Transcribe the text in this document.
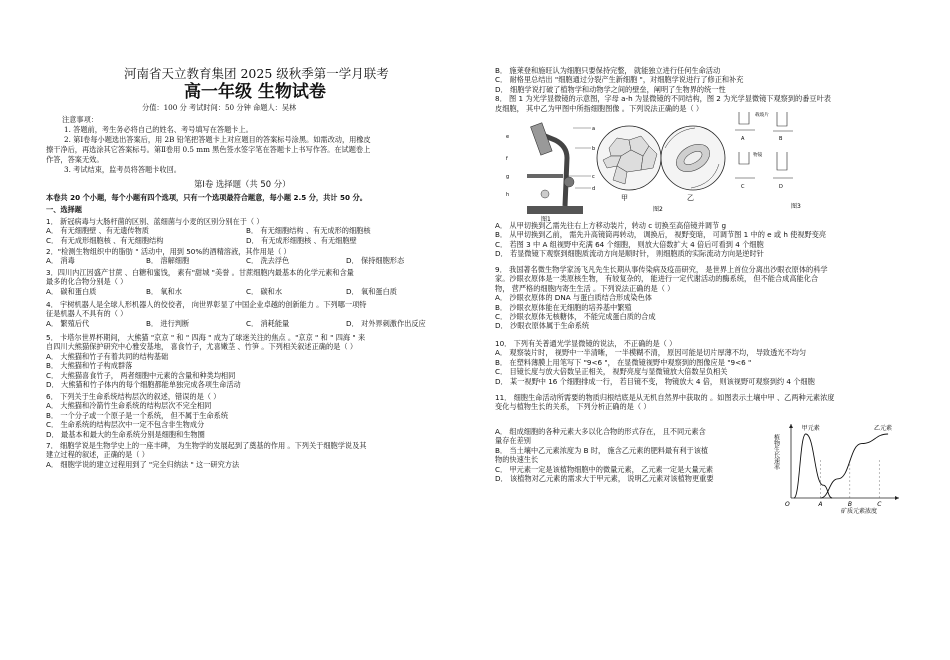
河南省天立教育集团 2025 级秋季第一学月联考
高一年级 生物试卷
分值：100 分 考试时间：50 分钟 命题人：吴林
注意事项：
1. 答题前，考生务必将自己的姓名、考号填写在答题卡上。
2. 第Ⅰ卷每小题选出答案后，用 2B 铅笔把答题卡上对应题目的答案标号涂黑。如需改动，用橡皮
擦干净后，再选涂其它答案标号。第Ⅱ卷用 0.5 mm 黑色签水签字笔在答题卡上书写作答。在试题卷上
作答，答案无效。
3. 考试结束，监考员将答题卡收回。
第Ⅰ卷 选择题（共 50 分）
本卷共 20 个小题，每个小题有四个选项，只有一个选项最符合题意，每小题 2.5 分，共计 50 分。
一、选择题
1． 新冠病毒与大肠杆菌的区别、蓝细菌与小麦的区别分别在于（ ）
A． 有无细胞壁 、有无遗传物质	B． 有无细胞结构 、有无成形的细胞核
C． 有无成形细胞核 、有无细胞结构	D． 有无成形细胞核 、有无细胞壁
2．"检测生物组织中的脂肪 " 活动中，用到 50%的酒精溶液，其作用是（ ）
A． 消毒	B． 溶解细胞	C． 洗去浮色	D． 保持细胞形态
3．四川内江因盛产甘蔗 、白糖和蜜饯， 素有"甜城 "美誉 。甘蔗细胞内最基本的化学元素和含量
最多的化合物分别是（ ）
A． 碳和蛋白质	B． 氧和水	C． 碳和水	D． 氧和蛋白质
4． 宇树机器人是全球人形机器人的佼佼者， 向世界彰显了中国企业卓越的创新能力 。下列哪一项特
征是机器人不具有的（ ）
A． 繁殖后代	B． 进行判断	C． 消耗能量	D． 对外界刺激作出反应
5． 卡塔尔世界杯期间， 大熊猫 "京京 " 和 " 四海 " 成为了球迷关注的焦点 。"京京 " 和 " 四海 " 来
自四川大熊猫保护研究中心雅安基地， 喜食竹子，尤喜嫩茎 、竹笋 。下列相关叙述正确的是（ ）
A． 大熊猫和竹子有着共同的结构基础
B． 大熊猫和竹子构成群落
C． 大熊猫喜食竹子， 两者细胞中元素的含量和种类均相同
D． 大熊猫和竹子体内的每个细胞都能单独完成各项生命活动
6． 下列关于生命系统结构层次的叙述，错误的是（ ）
A． 大熊猫和冷箭竹生命系统的结构层次不完全相同
B． 一个分子或一个原子是一个系统， 但不属于生命系统
C． 生命系统的结构层次中一定不包含非生物成分
D． 最基本和最大的生命系统分别是细胞和生物圈
7． 细胞学说是生物学史上的一座丰碑， 为生物学的发展起到了奠基的作用 。下列关于细胞学说及其
建立过程的叙述，正确的是（ ）
A． 细胞学说的建立过程用到了 "完全归纳法 " 这一研究方法
B． 施莱登和施旺认为细胞只要保持完整， 就能独立进行任何生命活动
C． 耐格里总结出 "细胞通过分裂产生新细胞 "，对细胞学说进行了修正和补充
D． 细胞学说打破了植物学和动物学之间的壁垒，阐明了生物界的统一性
8． 图 1 为光学显微镜的示意图，字母 a-h 为显微镜的不同结构，图 2 为光学显微镜下观察到的番豆叶表
皮细胞， 其中乙为甲图中所指细胞图像 。下列说法正确的是（ ）
a
b
c
d
e
f
g
h
图1
甲	乙
图2
A	B
C	D
载玻片
物镜
图3
A． 从甲切换到乙需先往右上方移动装片，转动 c 切换至高倍镜并调节 g
B． 从甲切换到乙前， 需先升高镜筒再转动， 调换后， 视野变暗， 可调节图 1 中的 e 或 h 使视野变亮
C． 若图 3 中 A 组视野中充满 64 个细胞， 则放大倍数扩大 4 倍后可看到 4 个细胞
D． 若显微镜下观察到细胞质流动方向是顺时针， 则细胞质的实际流动方向是逆时针
9． 我国著名微生物学家汤飞凡先生长期从事传染病及疫苗研究， 是世界上首位分离出沙眼衣原体的科学
家。沙眼衣原体是一类原核生物， 有较复杂的， 能进行一定代谢活动的酶系统， 但不能合成高能化合
物， 营严格的细胞内寄生生活 。下列说法正确的是（ ）
A． 沙眼衣原体的 DNA 与蛋白质结合形成染色体
B． 沙眼衣原体能在无细胞的培养基中繁殖
C． 沙眼衣原体无核糖体， 不能完成蛋白质的合成
D． 沙眼衣原体属于生命系统
10． 下列有关普通光学显微镜的说法， 不正确的是（ ）
A． 观察装片时， 视野中一半清晰， 一半模糊不清， 原因可能是切片厚薄不均， 导致透光不均匀
B． 在塑料薄膜上用笔写下 "9<6 "， 在显微镜视野中观察到的图像应是 "9<6 "
C． 目镜长度与放大倍数呈正相关， 视野亮度与显微镜放大倍数呈负相关
D． 某一视野中 16 个细胞排成一行， 若目镜不变， 物镜放大 4 倍， 则该视野可观察到约 4 个细胞
11． 细胞生命活动所需要的物质归根结底是从无机自然界中获取的 。如图表示土壤中甲 、乙两种元素浓度
变化与植物生长的关系， 下列分析正确的是（ ）
A． 组成细胞的各种元素大多以化合物的形式存在， 且不同元素含
量存在差别
B． 当土壤中乙元素浓度为 B 时， 施含乙元素的肥料最有利于该植
物的快速生长
C． 甲元素一定是该植物细胞中的微量元素， 乙元素一定是大量元素
D． 该植物对乙元素的需求大于甲元素， 说明乙元素对该植物更重要
植物生长速率
矿质元素浓度
O	A	B	C
甲元素	乙元素
